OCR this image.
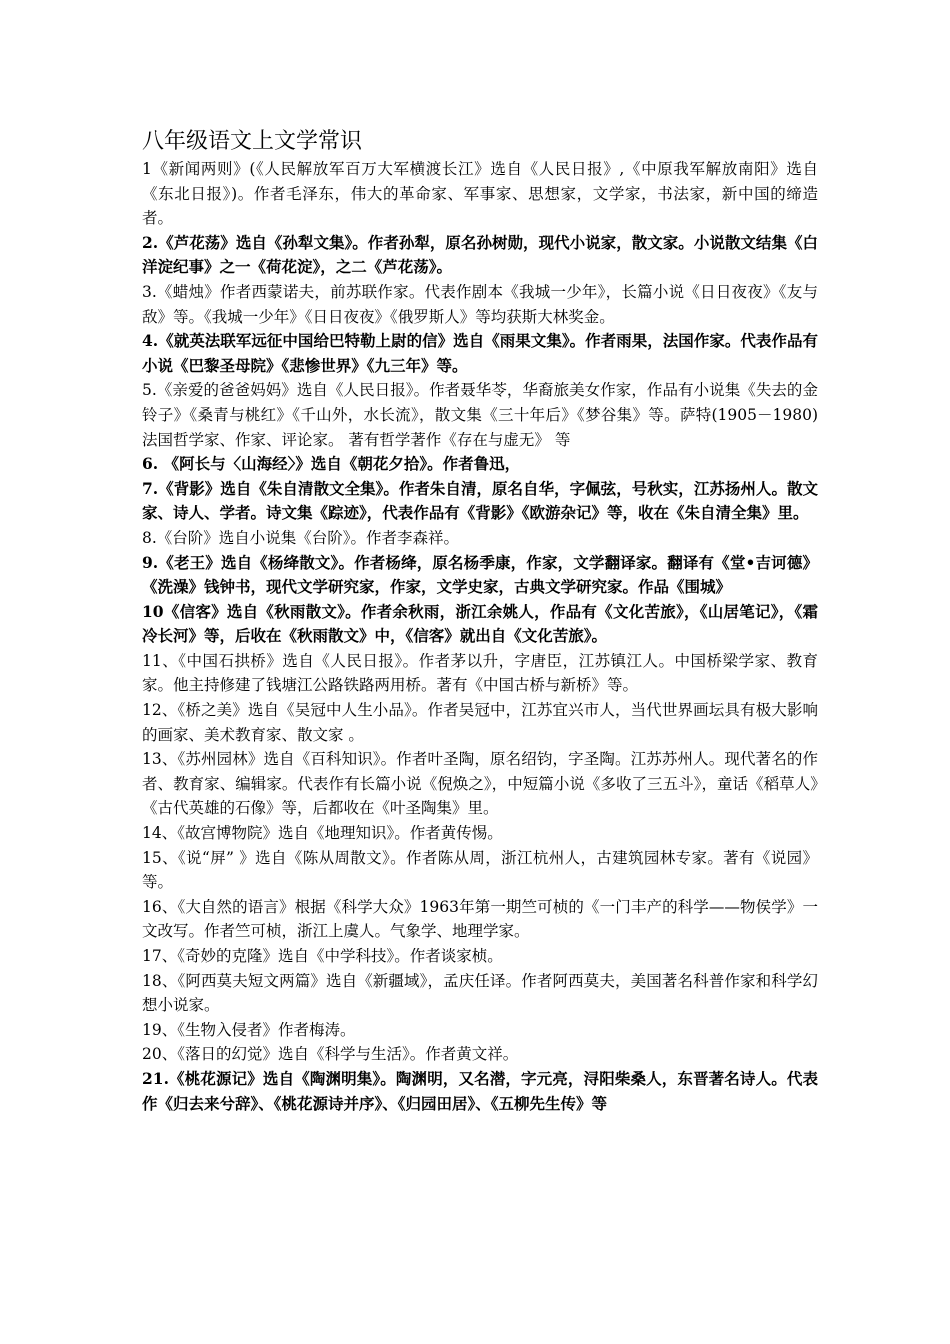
八年级语文上文学常识

1《新闻两则》(《人民解放军百万大军横渡长江》选自《人民日报》,《中原我军解放南阳》选自《东北日报》)。作者毛泽东，伟大的革命家、军事家、思想家，文学家，书法家，新中国的缔造者。

2.《芦花荡》选自《孙犁文集》。作者孙犁，原名孙树勋，现代小说家，散文家。小说散文结集《白洋淀纪事》之一《荷花淀》，之二《芦花荡》。

3.《蜡烛》作者西蒙诺夫，前苏联作家。代表作剧本《我城一少年》，长篇小说《日日夜夜》《友与敌》等。《我城一少年》《日日夜夜》《俄罗斯人》等均获斯大林奖金。

4.《就英法联军远征中国给巴特勒上尉的信》选自《雨果文集》。作者雨果，法国作家。代表作品有小说《巴黎圣母院》《悲惨世界》《九三年》等。

5.《亲爱的爸爸妈妈》选自《人民日报》。作者聂华苓，华裔旅美女作家，作品有小说集《失去的金铃子》《桑青与桃红》《千山外，水长流》，散文集《三十年后》《梦谷集》等。萨特(1905－1980)法国哲学家、作家、评论家。 著有哲学著作《存在与虚无》 等

6. 《阿长与〈山海经〉》选自《朝花夕拾》。作者鲁迅，

7.《背影》选自《朱自清散文全集》。作者朱自清，原名自华，字佩弦，号秋实，江苏扬州人。散文家、诗人、学者。诗文集《踪迹》，代表作品有《背影》《欧游杂记》等，收在《朱自清全集》里。

8.《台阶》选自小说集《台阶》。作者李森祥。

9.《老王》选自《杨绛散文》。作者杨绛，原名杨季康，作家，文学翻译家。翻译有《堂•吉诃德》《洗澡》钱钟书，现代文学研究家，作家，文学史家，古典文学研究家。作品《围城》

10《信客》选自《秋雨散文》。作者余秋雨，浙江余姚人，作品有《文化苦旅》，《山居笔记》，《霜冷长河》等，后收在《秋雨散文》中，《信客》就出自《文化苦旅》。

11、《中国石拱桥》选自《人民日报》。作者茅以升，字唐臣，江苏镇江人。中国桥梁学家、教育家。他主持修建了钱塘江公路铁路两用桥。著有《中国古桥与新桥》等。

12、《桥之美》选自《吴冠中人生小品》。作者吴冠中，江苏宜兴市人，当代世界画坛具有极大影响的画家、美术教育家、散文家 。

13、《苏州园林》选自《百科知识》。作者叶圣陶，原名绍钧，字圣陶。江苏苏州人。现代著名的作者、教育家、编辑家。代表作有长篇小说《倪焕之》，中短篇小说《多收了三五斗》，童话《稻草人》《古代英雄的石像》等，后都收在《叶圣陶集》里。

14、《故宫博物院》选自《地理知识》。作者黄传惕。

15、《说“屏” 》选自《陈从周散文》。作者陈从周，浙江杭州人，古建筑园林专家。著有《说园》等。

16、《大自然的语言》根据《科学大众》1963年第一期竺可桢的《一门丰产的科学——物侯学》一文改写。作者竺可桢，浙江上虞人。气象学、地理学家。

17、《奇妙的克隆》选自《中学科技》。作者谈家桢。

18、《阿西莫夫短文两篇》选自《新疆域》，孟庆任译。作者阿西莫夫，美国著名科普作家和科学幻想小说家。

19、《生物入侵者》作者梅涛。

20、《落日的幻觉》选自《科学与生活》。作者黄文祥。

21.《桃花源记》选自《陶渊明集》。陶渊明，又名潜，字元亮，浔阳柴桑人，东晋著名诗人。代表作《归去来兮辞》、《桃花源诗并序》、《归园田居》、《五柳先生传》等
